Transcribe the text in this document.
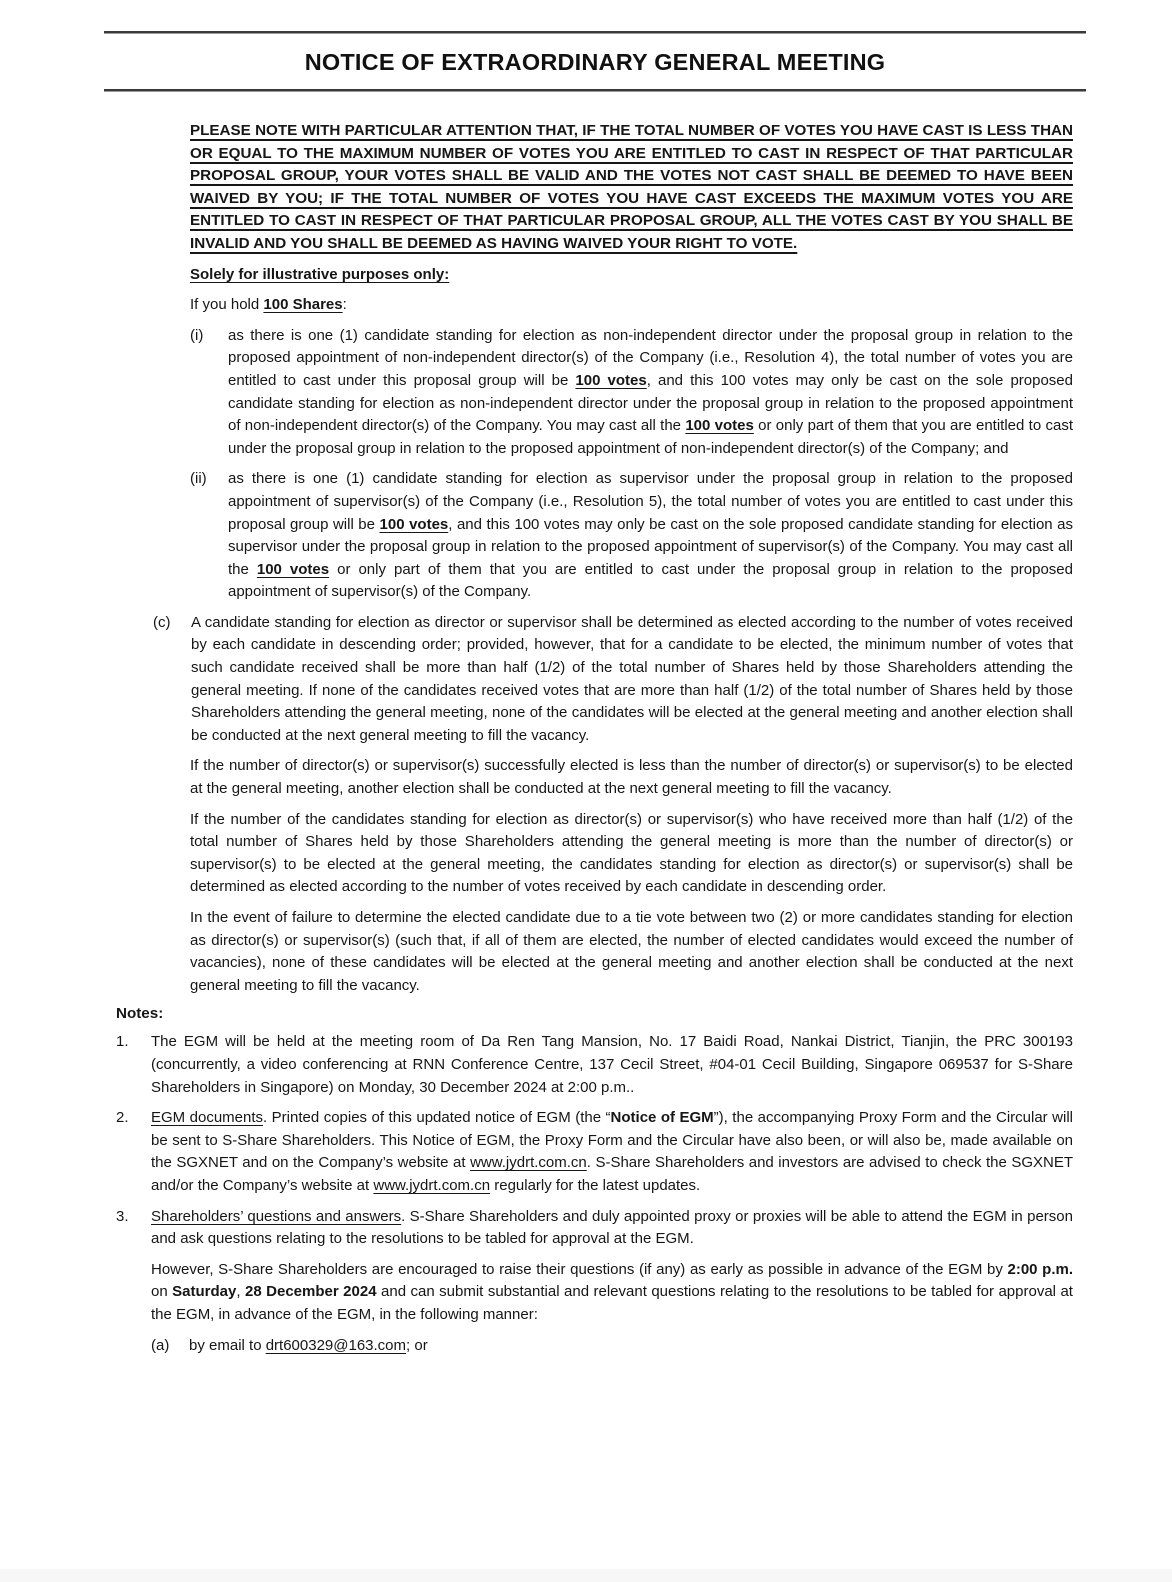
NOTICE OF EXTRAORDINARY GENERAL MEETING

PLEASE NOTE WITH PARTICULAR ATTENTION THAT, IF THE TOTAL NUMBER OF VOTES YOU HAVE CAST IS LESS THAN OR EQUAL TO THE MAXIMUM NUMBER OF VOTES YOU ARE ENTITLED TO CAST IN RESPECT OF THAT PARTICULAR PROPOSAL GROUP, YOUR VOTES SHALL BE VALID AND THE VOTES NOT CAST SHALL BE DEEMED TO HAVE BEEN WAIVED BY YOU; IF THE TOTAL NUMBER OF VOTES YOU HAVE CAST EXCEEDS THE MAXIMUM VOTES YOU ARE ENTITLED TO CAST IN RESPECT OF THAT PARTICULAR PROPOSAL GROUP, ALL THE VOTES CAST BY YOU SHALL BE INVALID AND YOU SHALL BE DEEMED AS HAVING WAIVED YOUR RIGHT TO VOTE.

Solely for illustrative purposes only:

If you hold 100 Shares:

(i) as there is one (1) candidate standing for election as non-independent director under the proposal group in relation to the proposed appointment of non-independent director(s) of the Company (i.e., Resolution 4), the total number of votes you are entitled to cast under this proposal group will be 100 votes, and this 100 votes may only be cast on the sole proposed candidate standing for election as non-independent director under the proposal group in relation to the proposed appointment of non-independent director(s) of the Company. You may cast all the 100 votes or only part of them that you are entitled to cast under the proposal group in relation to the proposed appointment of non-independent director(s) of the Company; and

(ii) as there is one (1) candidate standing for election as supervisor under the proposal group in relation to the proposed appointment of supervisor(s) of the Company (i.e., Resolution 5), the total number of votes you are entitled to cast under this proposal group will be 100 votes, and this 100 votes may only be cast on the sole proposed candidate standing for election as supervisor under the proposal group in relation to the proposed appointment of supervisor(s) of the Company. You may cast all the 100 votes or only part of them that you are entitled to cast under the proposal group in relation to the proposed appointment of supervisor(s) of the Company.

(c) A candidate standing for election as director or supervisor shall be determined as elected according to the number of votes received by each candidate in descending order; provided, however, that for a candidate to be elected, the minimum number of votes that such candidate received shall be more than half (1/2) of the total number of Shares held by those Shareholders attending the general meeting. If none of the candidates received votes that are more than half (1/2) of the total number of Shares held by those Shareholders attending the general meeting, none of the candidates will be elected at the general meeting and another election shall be conducted at the next general meeting to fill the vacancy.

If the number of director(s) or supervisor(s) successfully elected is less than the number of director(s) or supervisor(s) to be elected at the general meeting, another election shall be conducted at the next general meeting to fill the vacancy.

If the number of the candidates standing for election as director(s) or supervisor(s) who have received more than half (1/2) of the total number of Shares held by those Shareholders attending the general meeting is more than the number of director(s) or supervisor(s) to be elected at the general meeting, the candidates standing for election as director(s) or supervisor(s) shall be determined as elected according to the number of votes received by each candidate in descending order.

In the event of failure to determine the elected candidate due to a tie vote between two (2) or more candidates standing for election as director(s) or supervisor(s) (such that, if all of them are elected, the number of elected candidates would exceed the number of vacancies), none of these candidates will be elected at the general meeting and another election shall be conducted at the next general meeting to fill the vacancy.

Notes:

1. The EGM will be held at the meeting room of Da Ren Tang Mansion, No. 17 Baidi Road, Nankai District, Tianjin, the PRC 300193 (concurrently, a video conferencing at RNN Conference Centre, 137 Cecil Street, #04-01 Cecil Building, Singapore 069537 for S-Share Shareholders in Singapore) on Monday, 30 December 2024 at 2:00 p.m..

2. EGM documents. Printed copies of this updated notice of EGM (the “Notice of EGM”), the accompanying Proxy Form and the Circular will be sent to S-Share Shareholders. This Notice of EGM, the Proxy Form and the Circular have also been, or will also be, made available on the SGXNET and on the Company’s website at www.jydrt.com.cn. S-Share Shareholders and investors are advised to check the SGXNET and/or the Company’s website at www.jydrt.com.cn regularly for the latest updates.

3. Shareholders’ questions and answers. S-Share Shareholders and duly appointed proxy or proxies will be able to attend the EGM in person and ask questions relating to the resolutions to be tabled for approval at the EGM.

However, S-Share Shareholders are encouraged to raise their questions (if any) as early as possible in advance of the EGM by 2:00 p.m. on Saturday, 28 December 2024 and can submit substantial and relevant questions relating to the resolutions to be tabled for approval at the EGM, in advance of the EGM, in the following manner:

(a) by email to drt600329@163.com; or
